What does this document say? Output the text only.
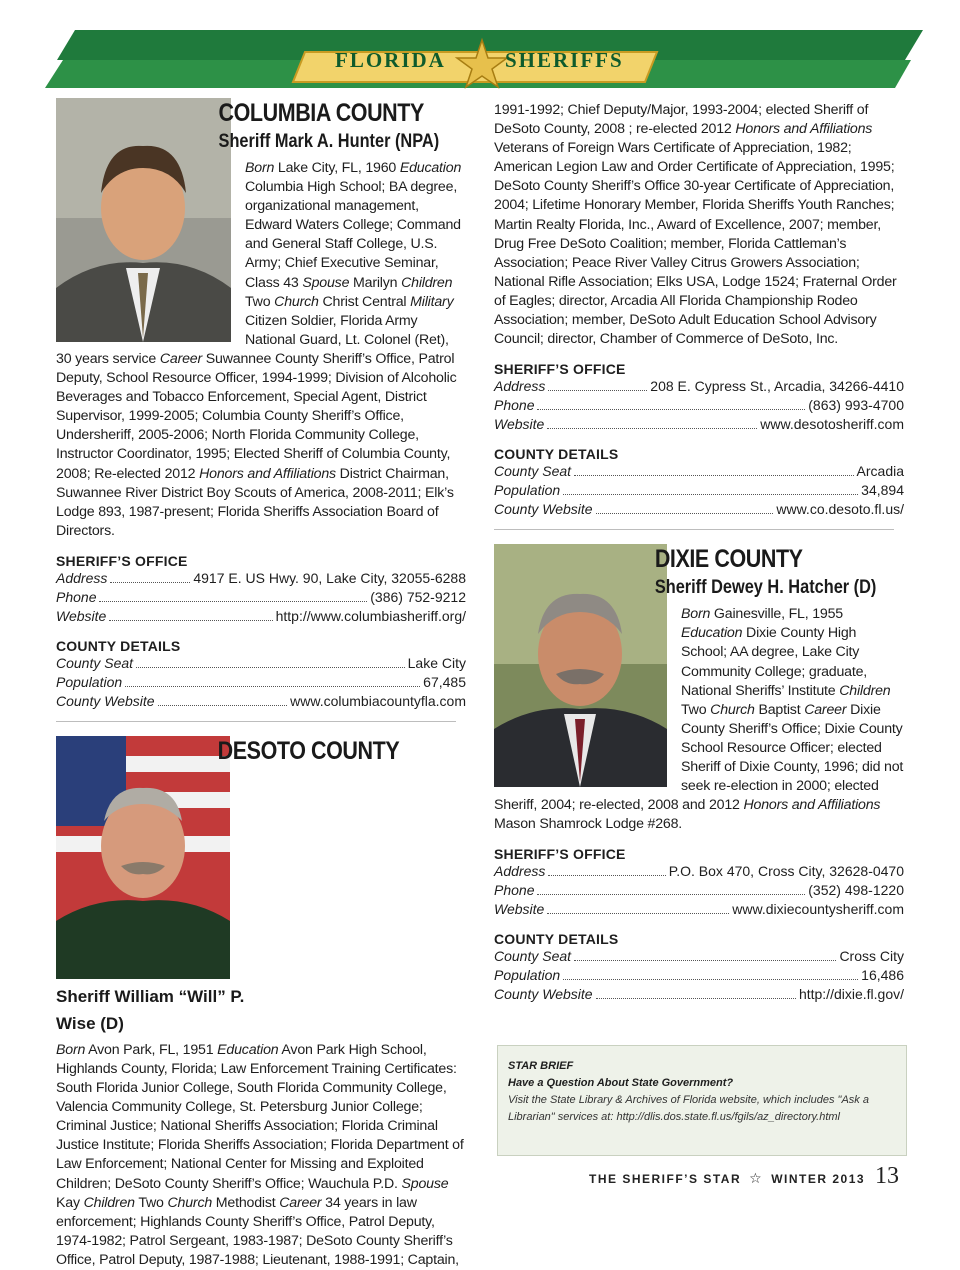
FLORIDA	SHERIFFS
COLUMBIA COUNTY
Sheriff Mark A. Hunter (NPA)
Born Lake City, FL, 1960 Education Columbia High School; BA degree, organizational management, Edward Waters College; Command and General Staff College, U.S. Army; Chief Executive Seminar, Class 43 Spouse Marilyn Children Two Church Christ Central Military Citizen Soldier, Florida Army National Guard, Lt. Colonel (Ret), 30 years service Career Suwannee County Sheriff’s Office, Patrol Deputy, School Resource Officer, 1994-1999; Division of Alcoholic Beverages and Tobacco Enforcement, Special Agent, District Supervisor, 1999-2005; Columbia County Sheriff’s Office, Undersheriff, 2005-2006; North Florida Community College, Instructor Coordinator, 1995; Elected Sheriff of Columbia County, 2008; Re-elected 2012 Honors and Affiliations District Chairman, Suwannee River District Boy Scouts of America, 2008-2011; Elk’s Lodge 893, 1987-present; Florida Sheriffs Association Board of Directors.
SHERIFF’S OFFICE
Address	4917 E. US Hwy. 90, Lake City, 32055-6288
Phone	(386) 752-9212
Website	http://www.columbiasheriff.org/
COUNTY DETAILS
County Seat	Lake City
Population	67,485
County Website	www.columbiacountyfla.com
DESOTO COUNTY
Sheriff William “Will” P. Wise (D)
Born Avon Park, FL, 1951 Education Avon Park High School, Highlands County, Florida; Law Enforcement Training Certificates: South Florida Junior College, South Florida Community College, Valencia Community College, St. Petersburg Junior College; Criminal Justice; National Sheriffs Association; Florida Criminal Justice Institute; Florida Sheriffs Association; Florida Department of Law Enforcement; National Center for Missing and Exploited Children; DeSoto County Sheriff’s Office; Wauchula P.D. Spouse Kay Children Two Church Methodist Career 34 years in law enforcement; Highlands County Sheriff’s Office, Patrol Deputy, 1974-1982; Patrol Sergeant, 1983-1987; DeSoto County Sheriff’s Office, Patrol Deputy, 1987-1988; Lieutenant, 1988-1991; Captain,
1991-1992; Chief Deputy/Major, 1993-2004; elected Sheriff of DeSoto County, 2008 ; re-elected 2012 Honors and Affiliations Veterans of Foreign Wars Certificate of Appreciation, 1982; American Legion Law and Order Certificate of Appreciation, 1995; DeSoto County Sheriff’s Office 30-year Certificate of Appreciation, 2004; Lifetime Honorary Member, Florida Sheriffs Youth Ranches; Martin Realty Florida, Inc., Award of Excellence, 2007; member, Drug Free DeSoto Coalition; member, Florida Cattleman’s Association; Peace River Valley Citrus Growers Association; National Rifle Association; Elks USA, Lodge 1524; Fraternal Order of Eagles; director, Arcadia All Florida Championship Rodeo Association; member, DeSoto Adult Education School Advisory Council; director, Chamber of Commerce of DeSoto, Inc.
SHERIFF’S OFFICE
Address	208 E. Cypress St., Arcadia, 34266-4410
Phone	(863) 993-4700
Website	www.desotosheriff.com
COUNTY DETAILS
County Seat	Arcadia
Population	34,894
County Website	www.co.desoto.fl.us/
DIXIE COUNTY
Sheriff Dewey H. Hatcher (D)
Born Gainesville, FL, 1955 Education Dixie County High School; AA degree, Lake City Community College; graduate, National Sheriffs’ Institute Children Two Church Baptist Career Dixie County Sheriff’s Office; Dixie County School Resource Officer; elected Sheriff of Dixie County, 1996; did not seek re-election in 2000; elected Sheriff, 2004; re-elected, 2008 and 2012 Honors and Affiliations Mason Shamrock Lodge #268.
SHERIFF’S OFFICE
Address	P.O. Box 470, Cross City, 32628-0470
Phone	(352) 498-1220
Website	www.dixiecountysheriff.com
COUNTY DETAILS
County Seat	Cross City
Population	16,486
County Website	http://dixie.fl.gov/
STAR BRIEF
Have a Question About State Government?
Visit the State Library & Archives of Florida website, which includes "Ask a Librarian" services at: http://dlis.dos.state.fl.us/fgils/az_directory.html
THE SHERIFF’S STAR ☆ WINTER 2013 13
